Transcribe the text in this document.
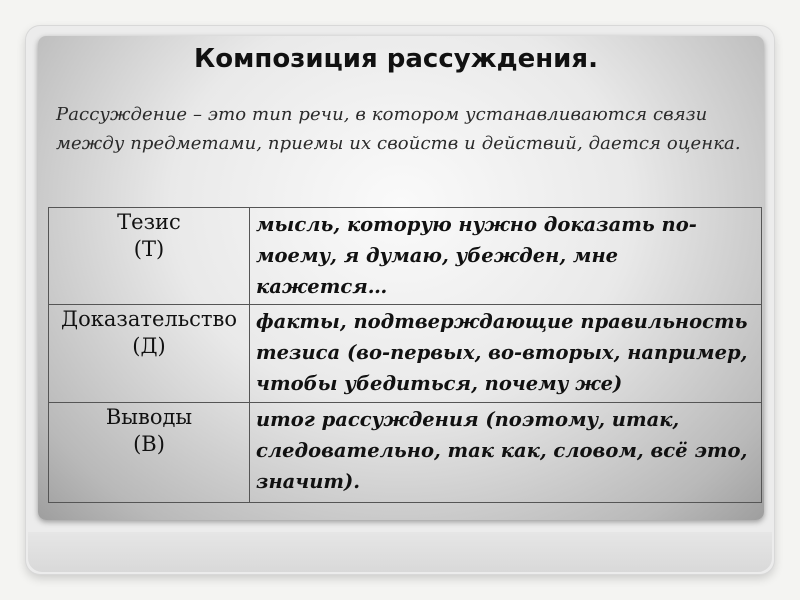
Композиция рассуждения.
Рассуждение – это тип речи, в котором устанавливаются связи между предметами, приемы их свойств и действий, дается оценка.
Тезис
(Т)	мысль, которую нужно доказать по-моему, я думаю, убежден, мне кажется…

Доказательство
(Д)	факты, подтверждающие правильность тезиса (во-первых, во-вторых, например, чтобы убедиться, почему же)

Выводы
(В)	итог рассуждения (поэтому, итак, следовательно, так как, словом, всё это, значит).
